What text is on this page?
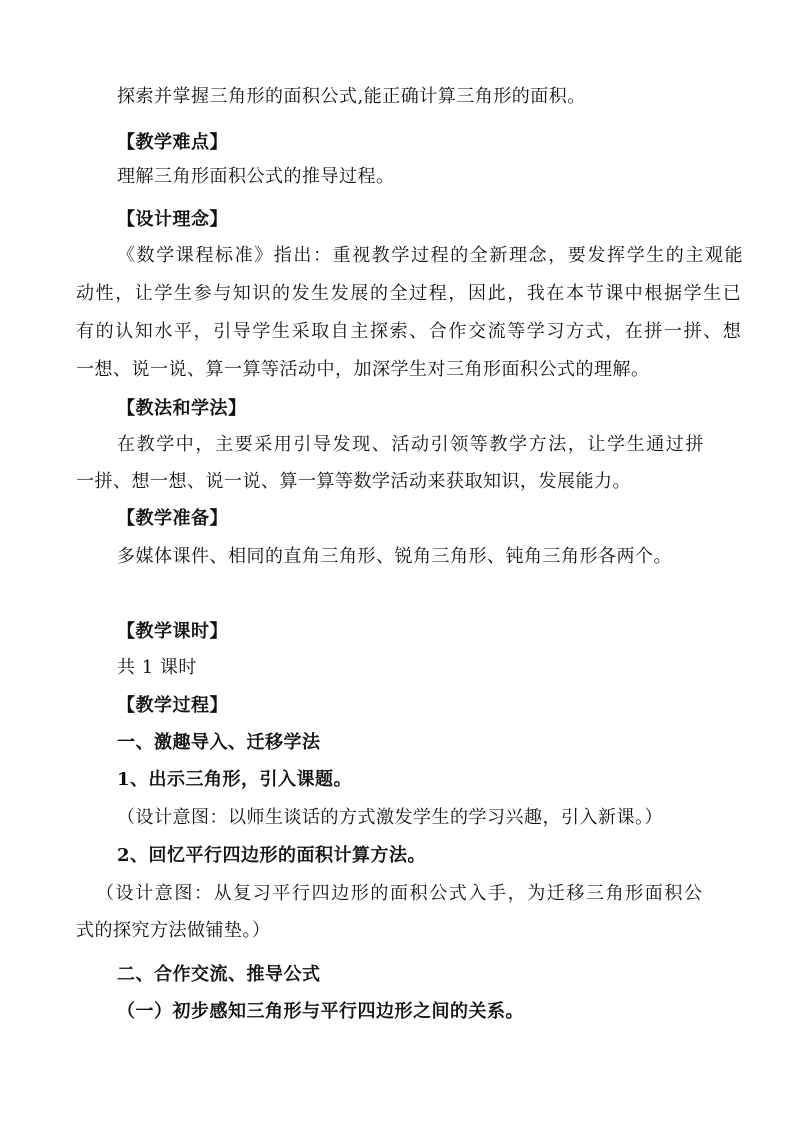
探索并掌握三角形的面积公式,能正确计算三角形的面积。
【教学难点】
理解三角形面积公式的推导过程。
【设计理念】
《数学课程标准》指出：重视教学过程的全新理念，要发挥学生的主观能
动性，让学生参与知识的发生发展的全过程，因此，我在本节课中根据学生已
有的认知水平，引导学生采取自主探索、合作交流等学习方式，在拼一拼、想
一想、说一说、算一算等活动中，加深学生对三角形面积公式的理解。
【教法和学法】
在教学中，主要采用引导发现、活动引领等教学方法，让学生通过拼
一拼、想一想、说一说、算一算等数学活动来获取知识，发展能力。
【教学准备】
多媒体课件、相同的直角三角形、锐角三角形、钝角三角形各两个。
【教学课时】
共 1 课时
【教学过程】
一、激趣导入、迁移学法
1、出示三角形，引入课题。
（设计意图：以师生谈话的方式激发学生的学习兴趣，引入新课。）
2、回忆平行四边形的面积计算方法。
（设计意图：从复习平行四边形的面积公式入手，为迁移三角形面积公
式的探究方法做铺垫。）
二、合作交流、推导公式
（一）初步感知三角形与平行四边形之间的关系。
